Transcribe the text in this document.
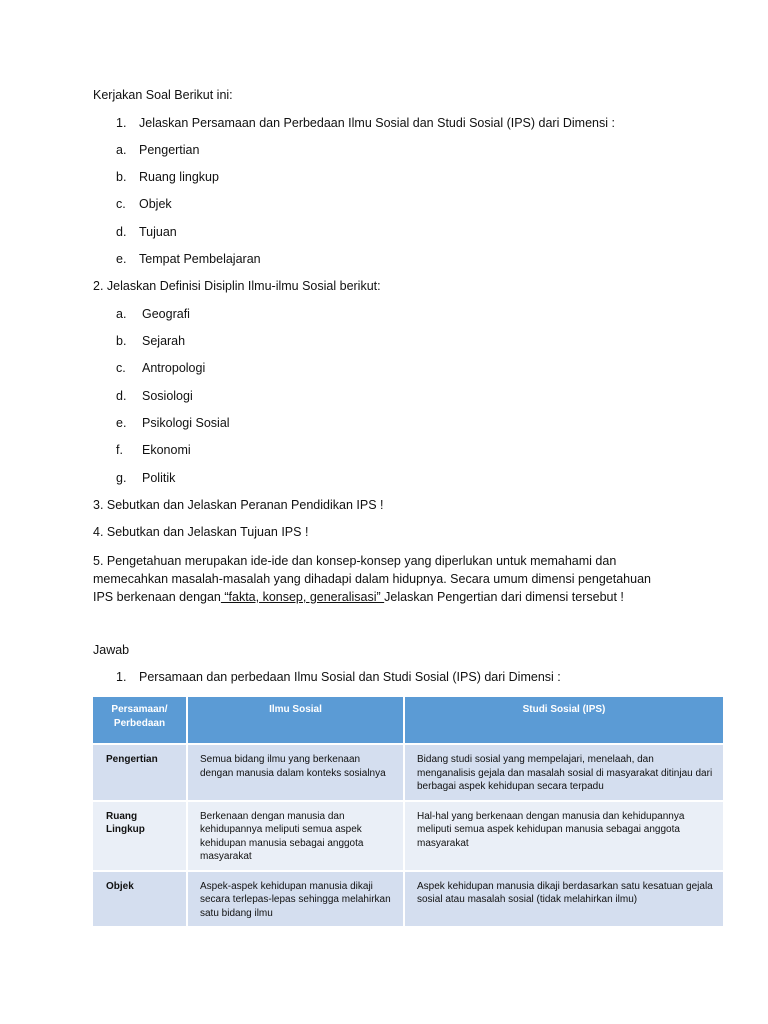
Kerjakan Soal Berikut ini:
1. Jelaskan Persamaan dan Perbedaan Ilmu Sosial dan Studi Sosial (IPS) dari Dimensi :
a. Pengertian
b. Ruang lingkup
c. Objek
d. Tujuan
e. Tempat Pembelajaran
2. Jelaskan Definisi Disiplin Ilmu-ilmu Sosial berikut:
a. Geografi
b. Sejarah
c. Antropologi
d. Sosiologi
e. Psikologi Sosial
f. Ekonomi
g. Politik
3. Sebutkan dan Jelaskan Peranan Pendidikan IPS !
4. Sebutkan dan Jelaskan Tujuan IPS !
5. Pengetahuan merupakan ide-ide dan konsep-konsep yang diperlukan untuk memahami dan
memecahkan masalah-masalah yang dihadapi dalam hidupnya. Secara umum dimensi pengetahuan
IPS berkenaan dengan “fakta, konsep, generalisasi” Jelaskan Pengertian dari dimensi tersebut !
Jawab
1. Persamaan dan perbedaan Ilmu Sosial dan Studi Sosial (IPS) dari Dimensi :
Persamaan/ Perbedaan	Ilmu Sosial	Studi Sosial (IPS)
Pengertian	Semua bidang ilmu yang berkenaan dengan manusia dalam konteks sosialnya	Bidang studi sosial yang mempelajari, menelaah, dan menganalisis gejala dan masalah sosial di masyarakat ditinjau dari berbagai aspek kehidupan secara terpadu
Ruang Lingkup	Berkenaan dengan manusia dan kehidupannya meliputi semua aspek kehidupan manusia sebagai anggota masyarakat	Hal-hal yang berkenaan dengan manusia dan kehidupannya meliputi semua aspek kehidupan manusia sebagai anggota masyarakat
Objek	Aspek-aspek kehidupan manusia dikaji secara terlepas-lepas sehingga melahirkan satu bidang ilmu	Aspek kehidupan manusia dikaji berdasarkan satu kesatuan gejala sosial atau masalah sosial (tidak melahirkan ilmu)
